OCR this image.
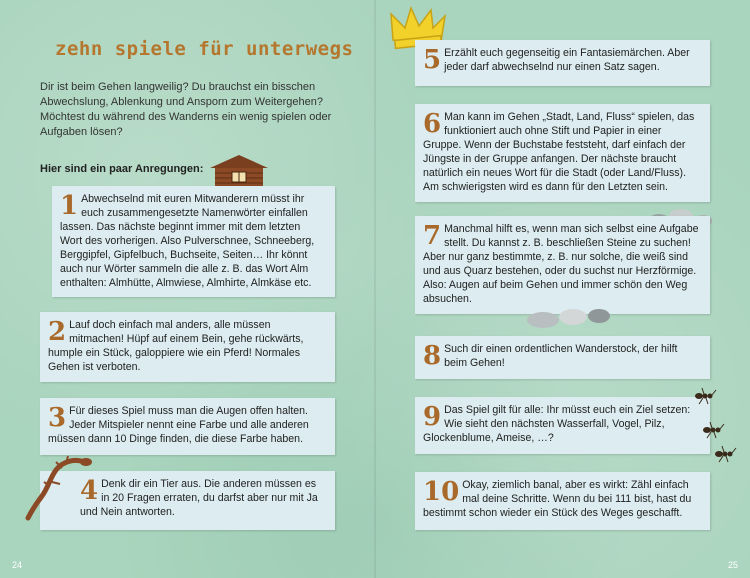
zehn spiele für unterwegs

Dir ist beim Gehen langweilig? Du brauchst ein bisschen Abwechslung, Ablenkung und Ansporn zum Weitergehen? Möchtest du während des Wanderns ein wenig spielen oder Aufgaben lösen?

Hier sind ein paar Anregungen:

1 Abwechselnd mit euren Mitwanderern müsst ihr euch zusammengesetzte Namenwörter einfallen lassen. Das nächste beginnt immer mit dem letzten Wort des vorherigen. Also Pulverschnee, Schneeberg, Berggipfel, Gipfelbuch, Buchseite, Seiten… Ihr könnt auch nur Wörter sammeln die alle z. B. das Wort Alm enthalten: Almhütte, Almwiese, Almhirte, Almkäse etc.
2 Lauf doch einfach mal anders, alle müssen mitmachen! Hüpf auf einem Bein, gehe rückwärts, humple ein Stück, galoppiere wie ein Pferd! Normales Gehen ist verboten.
3 Für dieses Spiel muss man die Augen offen halten. Jeder Mitspieler nennt eine Farbe und alle anderen müssen dann 10 Dinge finden, die diese Farbe haben.
4 Denk dir ein Tier aus. Die anderen müssen es in 20 Fragen erraten, du darfst aber nur mit Ja und Nein antworten.
24
5 Erzählt euch gegenseitig ein Fantasiemärchen. Aber jeder darf abwechselnd nur einen Satz sagen.
6 Man kann im Gehen „Stadt, Land, Fluss“ spielen, das funktioniert auch ohne Stift und Papier in einer Gruppe. Wenn der Buchstabe feststeht, darf einfach der Jüngste in der Gruppe anfangen. Der nächste braucht natürlich ein neues Wort für die Stadt (oder Land/Fluss). Am schwierigsten wird es dann für den Letzten sein.
7 Manchmal hilft es, wenn man sich selbst eine Aufgabe stellt. Du kannst z. B. beschließen Steine zu suchen! Aber nur ganz bestimmte, z. B. nur solche, die weiß sind und aus Quarz bestehen, oder du suchst nur Herzförmige. Also: Augen auf beim Gehen und immer schön den Weg absuchen.
8 Such dir einen ordentlichen Wanderstock, der hilft beim Gehen!
9 Das Spiel gilt für alle: Ihr müsst euch ein Ziel setzen: Wie sieht den nächsten Wasserfall, Vogel, Pilz, Glockenblume, Ameise, …?
10 Okay, ziemlich banal, aber es wirkt: Zähl einfach mal deine Schritte. Wenn du bei 111 bist, hast du bestimmt schon wieder ein Stück des Weges geschafft.
25
